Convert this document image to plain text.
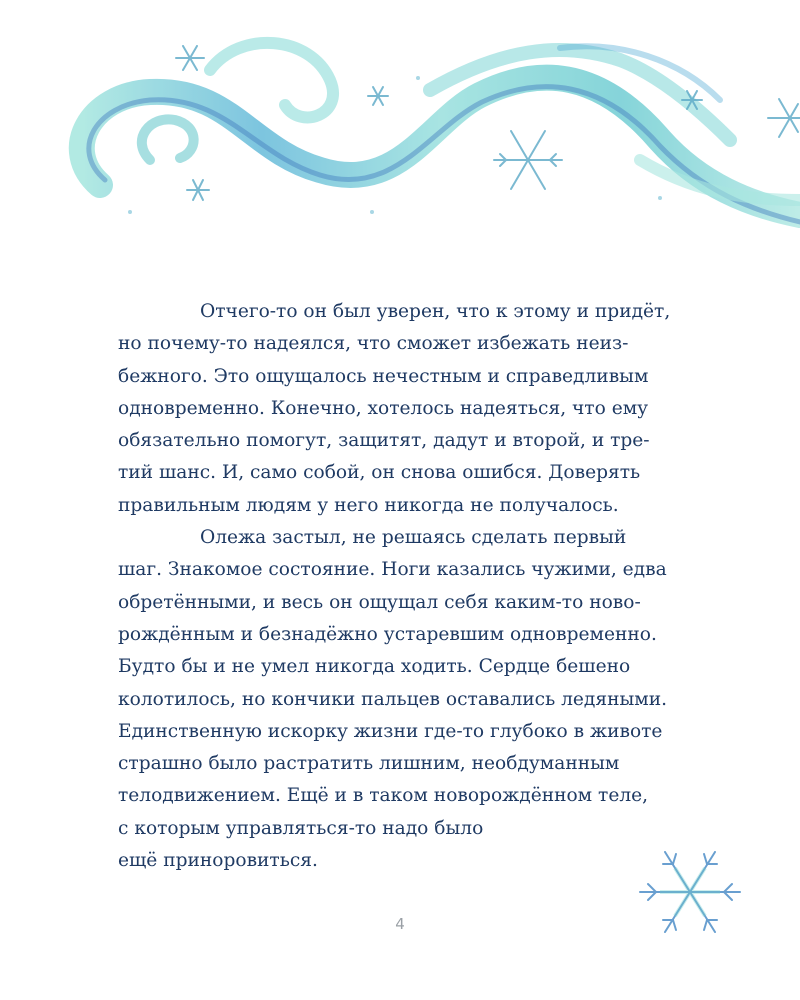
Отчего-то он был уверен, что к этому и придёт,
но почему-то надеялся, что сможет избежать неиз-
бежного. Это ощущалось нечестным и справедливым
одновременно. Конечно, хотелось надеяться, что ему
обязательно помогут, защитят, дадут и второй, и тре-
тий шанс. И, само собой, он снова ошибся. Доверять
правильным людям у него никогда не получалось.
Олежа застыл, не решаясь сделать первый
шаг. Знакомое состояние. Ноги казались чужими, едва
обретёнными, и весь он ощущал себя каким-то ново-
рождённым и безнадёжно устаревшим одновременно.
Будто бы и не умел никогда ходить. Сердце бешено
колотилось, но кончики пальцев оставались ледяными.
Единственную искорку жизни где-то глубоко в животе
страшно было растратить лишним, необдуманным
телодвижением. Ещё и в таком новорождённом теле,
с которым управляться-то надо было
ещё приноровиться.
4
